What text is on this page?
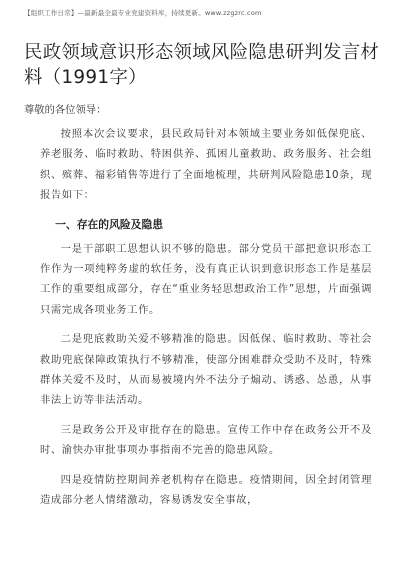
【组织工作日常】—最新最全最专业党建资料库，持续更新。www.zzgzrc.com
民政领域意识形态领域风险隐患研判发言材料（1991字）
尊敬的各位领导：

按照本次会议要求，县民政局针对本领域主要业务如低保兜底、养老服务、临时救助、特困供养、孤困儿童救助、政务服务、社会组织、殡葬、福彩销售等进行了全面地梳理，共研判风险隐患10条，现报告如下：

一、存在的风险及隐患

一是干部职工思想认识不够的隐患。部分党员干部把意识形态工作作为一项纯粹务虚的软任务，没有真正认识到意识形态工作是基层工作的重要组成部分，存在“重业务轻思想政治工作”思想，片面强调只需完成各项业务工作。

二是兜底救助关爱不够精准的隐患。因低保、临时救助、等社会救助兜底保障政策执行不够精准，使部分困难群众受助不及时，特殊群体关爱不及时，从而易被境内外不法分子煽动、诱惑、怂恿，从事非法上访等非法活动。

三是政务公开及审批存在的隐患。宣传工作中存在政务公开不及时、渝快办审批事项办事指南不完善的隐患风险。

四是疫情防控期间养老机构存在隐患。疫情期间，因全封闭管理造成部分老人情绪激动，容易诱发安全事故，
